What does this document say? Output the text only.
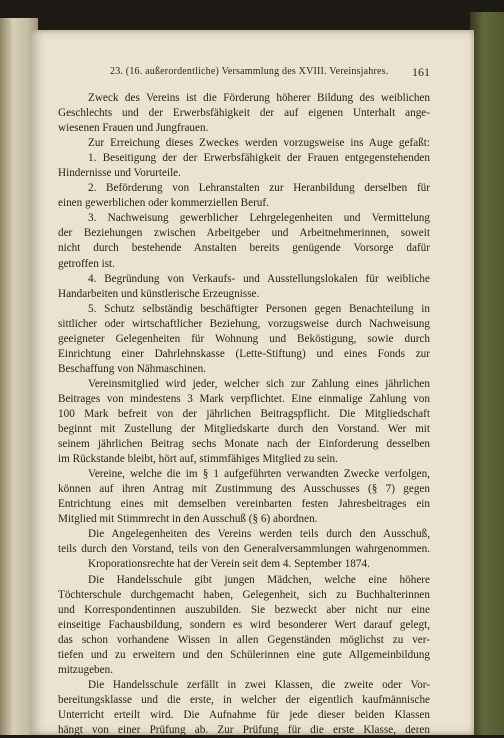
23. (16. außerordentliche) Versammlung des XVIII. Vereinsjahres. 161
Zweck des Vereins ist die Förderung höherer Bildung des weiblichen
Geschlechts und der Erwerbsfähigkeit der auf eigenen Unterhalt ange-
wiesenen Frauen und Jungfrauen.
Zur Erreichung dieses Zweckes werden vorzugsweise ins Auge gefaßt:
1. Beseitigung der der Erwerbsfähigkeit der Frauen entgegenstehenden
Hindernisse und Vorurteile.
2. Beförderung von Lehranstalten zur Heranbildung derselben für
einen gewerblichen oder kommerziellen Beruf.
3. Nachweisung gewerblicher Lehrgelegenheiten und Vermittelung
der Beziehungen zwischen Arbeitgeber und Arbeitnehmerinnen, soweit
nicht durch bestehende Anstalten bereits genügende Vorsorge dafür
getroffen ist.
4. Begründung von Verkaufs- und Ausstellungslokalen für weibliche
Handarbeiten und künstlerische Erzeugnisse.
5. Schutz selbständig beschäftigter Personen gegen Benachteilung in
sittlicher oder wirtschaftlicher Beziehung, vorzugsweise durch Nachweisung
geeigneter Gelegenheiten für Wohnung und Beköstigung, sowie durch
Einrichtung einer Dahrlehnskasse (Lette-Stiftung) und eines Fonds zur
Beschaffung von Nähmaschinen.
Vereinsmitglied wird jeder, welcher sich zur Zahlung eines jährlichen
Beitrages von mindestens 3 Mark verpflichtet. Eine einmalige Zahlung von
100 Mark befreit von der jährlichen Beitragspflicht. Die Mitgliedschaft
beginnt mit Zustellung der Mitgliedskarte durch den Vorstand. Wer mit
seinem jährlichen Beitrag sechs Monate nach der Einforderung desselben
im Rückstande bleibt, hört auf, stimmfähiges Mitglied zu sein.
Vereine, welche die im § 1 aufgeführten verwandten Zwecke verfolgen,
können auf ihren Antrag mit Zustimmung des Ausschusses (§ 7) gegen
Entrichtung eines mit demselben vereinbarten festen Jahresbeitrages ein
Mitglied mit Stimmrecht in den Ausschuß (§ 6) abordnen.
Die Angelegenheiten des Vereins werden teils durch den Ausschuß,
teils durch den Vorstand, teils von den Generalversammlungen wahrgenommen.
Kroporationsrechte hat der Verein seit dem 4. September 1874.
Die Handelsschule gibt jungen Mädchen, welche eine höhere
Töchterschule durchgemacht haben, Gelegenheit, sich zu Buchhalterinnen
und Korrespondentinnen auszubilden. Sie bezweckt aber nicht nur eine
einseitige Fachausbildung, sondern es wird besonderer Wert darauf gelegt,
das schon vorhandene Wissen in allen Gegenständen möglichst zu ver-
tiefen und zu erweitern und den Schülerinnen eine gute Allgemeinbildung
mitzugeben.
Die Handelsschule zerfällt in zwei Klassen, die zweite oder Vor-
bereitungsklasse und die erste, in welcher der eigentlich kaufmännische
Unterricht erteilt wird. Die Aufnahme für jede dieser beiden Klassen
hängt von einer Prüfung ab. Zur Prüfung für die erste Klasse, deren
